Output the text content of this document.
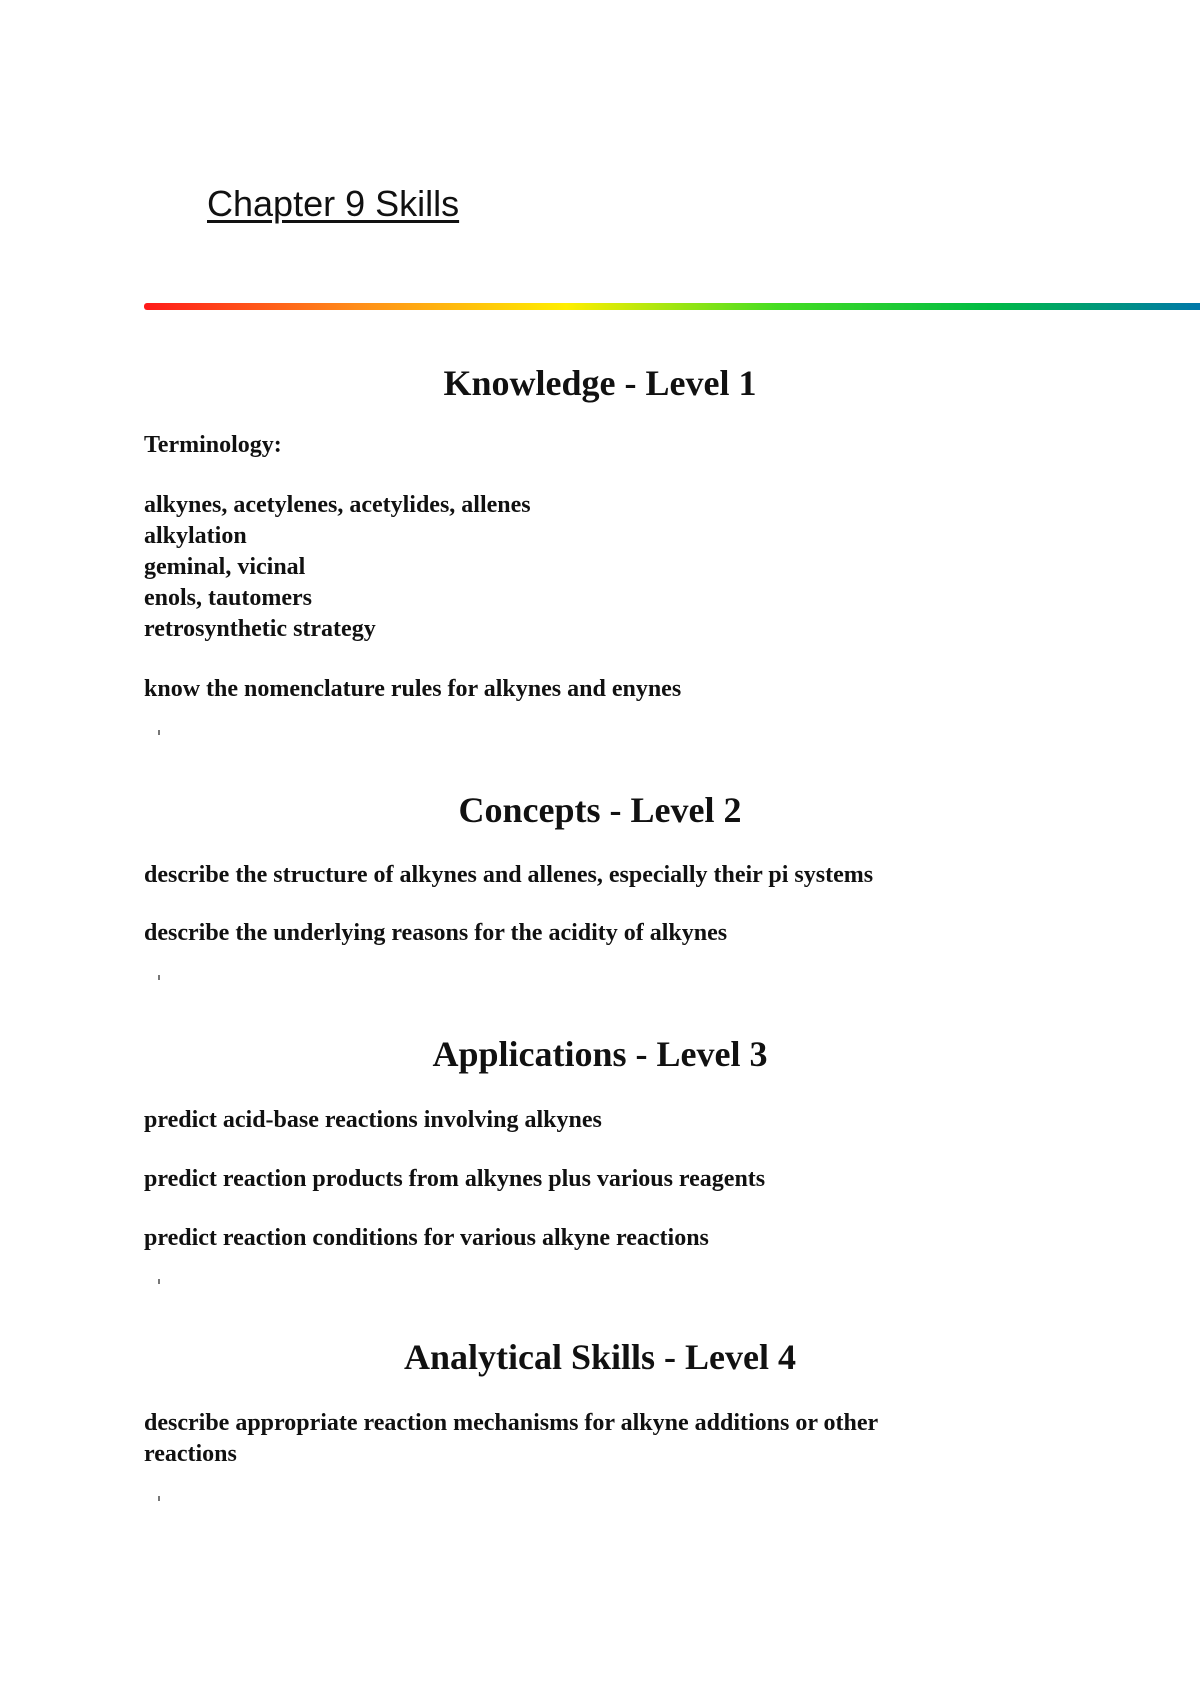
Chapter 9 Skills
Knowledge - Level 1

Terminology:

alkynes, acetylenes, acetylides, allenes
alkylation
geminal, vicinal
enols, tautomers
retrosynthetic strategy

know the nomenclature rules for alkynes and enynes

Concepts - Level 2

describe the structure of alkynes and allenes, especially their pi systems

describe the underlying reasons for the acidity of alkynes

Applications - Level 3

predict acid-base reactions involving alkynes

predict reaction products from alkynes plus various reagents

predict reaction conditions for various alkyne reactions

Analytical Skills - Level 4

describe appropriate reaction mechanisms for alkyne additions or other
reactions
